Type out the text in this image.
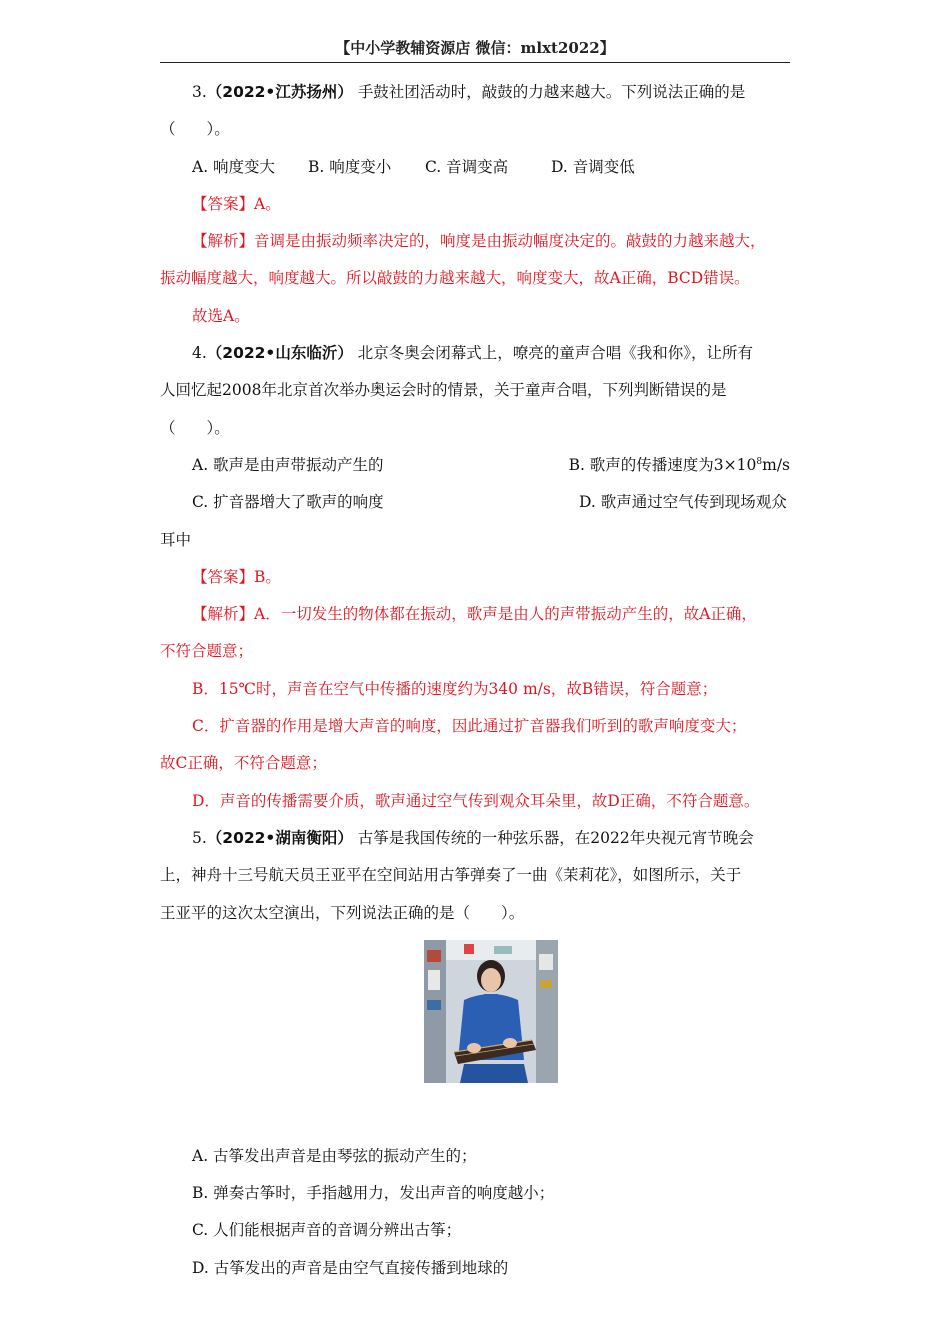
【中小学教辅资源店 微信：mlxt2022】
3.（2022•江苏扬州） 手鼓社团活动时，敲鼓的力越来越大。下列说法正确的是
（　　）。
A. 响度变大 B. 响度变小 C. 音调变高	D. 音调变低
【答案】A。
【解析】音调是由振动频率决定的，响度是由振动幅度决定的。敲鼓的力越来越大，
振动幅度越大，响度越大。所以敲鼓的力越来越大，响度变大，故A正确，BCD错误。
故选A。
4.（2022•山东临沂） 北京冬奥会闭幕式上，嘹亮的童声合唱《我和你》，让所有
人回忆起2008年北京首次举办奥运会时的情景，关于童声合唱，下列判断错误的是
（　　）。
A. 歌声是由声带振动产生的	B. 歌声的传播速度为$3\times 10^8m/s$
C. 扩音器增大了歌声的响度	D. 歌声通过空气传到现场观众
耳中
【答案】B。
【解析】A．一切发生的物体都在振动，歌声是由人的声带振动产生的，故A正确，
不符合题意；
B．15℃时，声音在空气中传播的速度约为340 m/s，故B错误，符合题意；
C．扩音器的作用是增大声音的响度，因此通过扩音器我们听到的歌声响度变大；
故C正确，不符合题意；
D．声音的传播需要介质，歌声通过空气传到观众耳朵里，故D正确，不符合题意。
5.（2022•湖南衡阳） 古筝是我国传统的一种弦乐器，在2022年央视元宵节晚会
上，神舟十三号航天员王亚平在空间站用古筝弹奏了一曲《茉莉花》，如图所示，关于
王亚平的这次太空演出，下列说法正确的是（　　）。
A. 古筝发出声音是由琴弦的振动产生的；
B. 弹奏古筝时，手指越用力，发出声音的响度越小；
C. 人们能根据声音的音调分辨出古筝；
D. 古筝发出的声音是由空气直接传播到地球的
